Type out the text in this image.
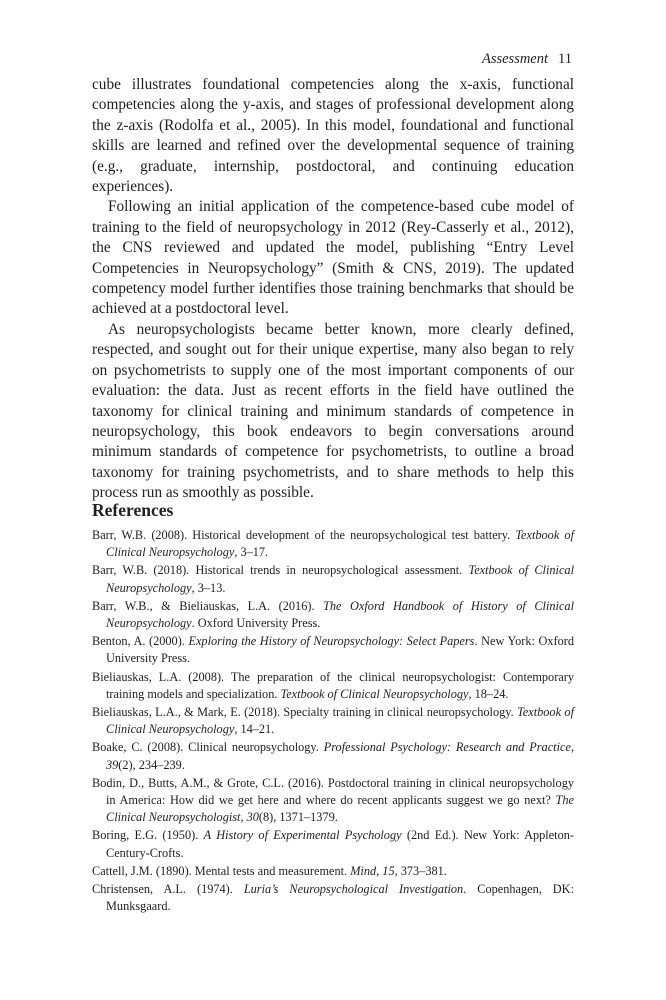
Assessment 11

cube illustrates foundational competencies along the x-axis, functional competencies along the y-axis, and stages of professional development along the z-axis (Rodolfa et al., 2005). In this model, foundational and functional skills are learned and refined over the developmental sequence of training (e.g., graduate, internship, postdoctoral, and continuing education experiences).

Following an initial application of the competence-based cube model of training to the field of neuropsychology in 2012 (Rey-Casserly et al., 2012), the CNS reviewed and updated the model, publishing “Entry Level Competencies in Neuropsychology” (Smith & CNS, 2019). The updated competency model further identifies those training benchmarks that should be achieved at a postdoctoral level.

As neuropsychologists became better known, more clearly defined, respected, and sought out for their unique expertise, many also began to rely on psychometrists to supply one of the most important components of our evaluation: the data. Just as recent efforts in the field have outlined the taxonomy for clinical training and minimum standards of competence in neuropsychology, this book endeavors to begin conversations around minimum standards of competence for psychometrists, to outline a broad taxonomy for training psychometrists, and to share methods to help this process run as smoothly as possible.

References

Barr, W.B. (2008). Historical development of the neuropsychological test battery. Textbook of Clinical Neuropsychology, 3–17.

Barr, W.B. (2018). Historical trends in neuropsychological assessment. Textbook of Clinical Neuropsychology, 3–13.

Barr, W.B., & Bieliauskas, L.A. (2016). The Oxford Handbook of History of Clinical Neuropsychology. Oxford University Press.

Benton, A. (2000). Exploring the History of Neuropsychology: Select Papers. New York: Oxford University Press.

Bieliauskas, L.A. (2008). The preparation of the clinical neuropsychologist: Contemporary training models and specialization. Textbook of Clinical Neuropsychology, 18–24.

Bieliauskas, L.A., & Mark, E. (2018). Specialty training in clinical neuropsychology. Textbook of Clinical Neuropsychology, 14–21.

Boake, C. (2008). Clinical neuropsychology. Professional Psychology: Research and Practice, 39(2), 234–239.

Bodin, D., Butts, A.M., & Grote, C.L. (2016). Postdoctoral training in clinical neuropsychology in America: How did we get here and where do recent applicants suggest we go next? The Clinical Neuropsychologist, 30(8), 1371–1379.

Boring, E.G. (1950). A History of Experimental Psychology (2nd Ed.). New York: Appleton-Century-Crofts.

Cattell, J.M. (1890). Mental tests and measurement. Mind, 15, 373–381.

Christensen, A.L. (1974). Luria’s Neuropsychological Investigation. Copenhagen, DK: Munksgaard.
